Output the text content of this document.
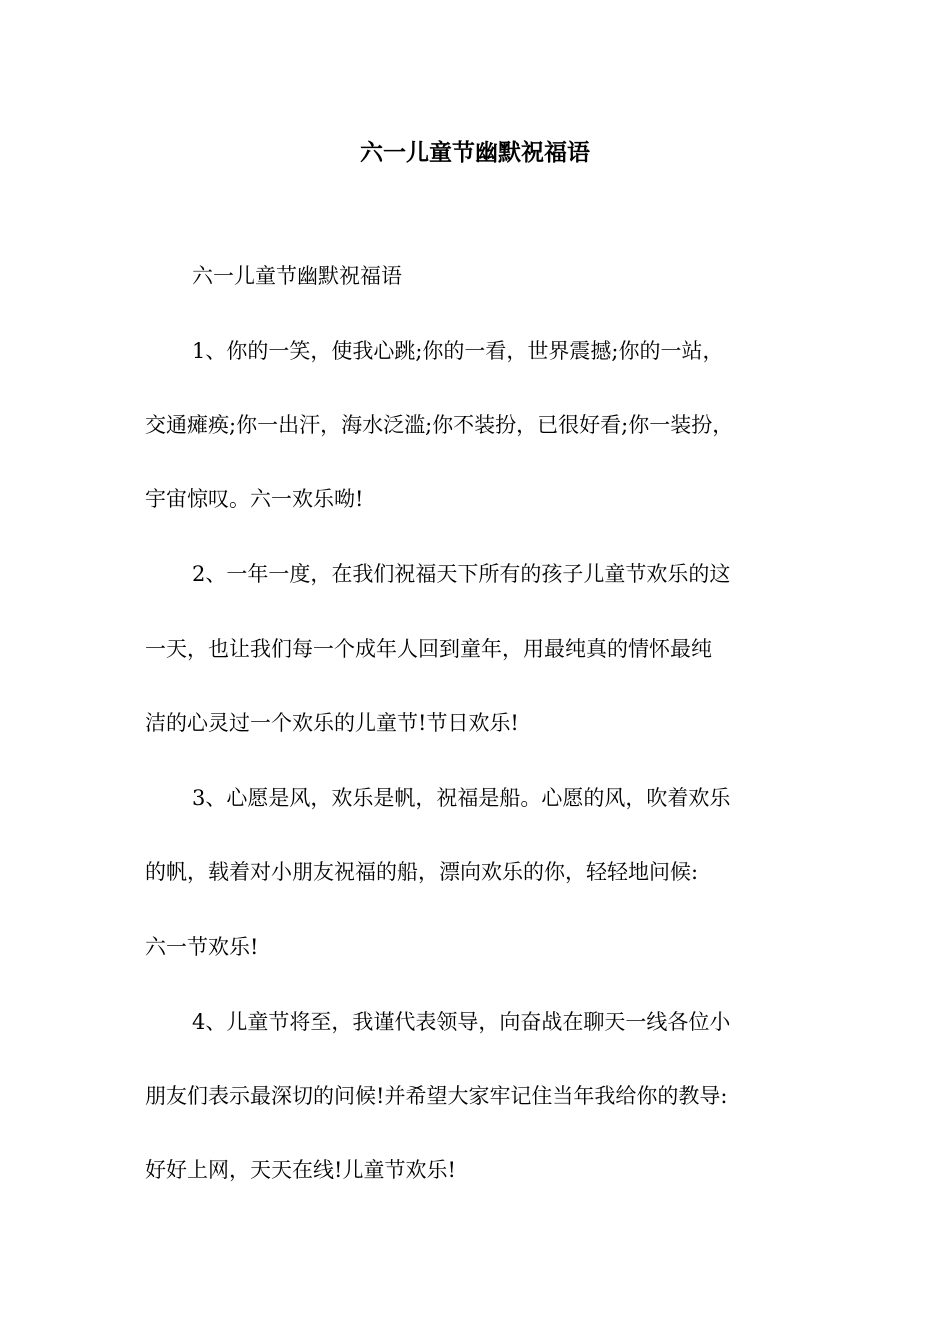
六一儿童节幽默祝福语

六一儿童节幽默祝福语

1、你的一笑，使我心跳;你的一看，世界震撼;你的一站，

交通瘫痪;你一出汗，海水泛滥;你不装扮，已很好看;你一装扮，

宇宙惊叹。六一欢乐呦!

2、一年一度，在我们祝福天下所有的孩子儿童节欢乐的这

一天，也让我们每一个成年人回到童年，用最纯真的情怀最纯

洁的心灵过一个欢乐的儿童节!节日欢乐!

3、心愿是风，欢乐是帆，祝福是船。心愿的风，吹着欢乐

的帆，载着对小朋友祝福的船，漂向欢乐的你，轻轻地问候:

六一节欢乐!

4、儿童节将至，我谨代表领导，向奋战在聊天一线各位小

朋友们表示最深切的问候!并希望大家牢记住当年我给你的教导:

好好上网，天天在线!儿童节欢乐!
